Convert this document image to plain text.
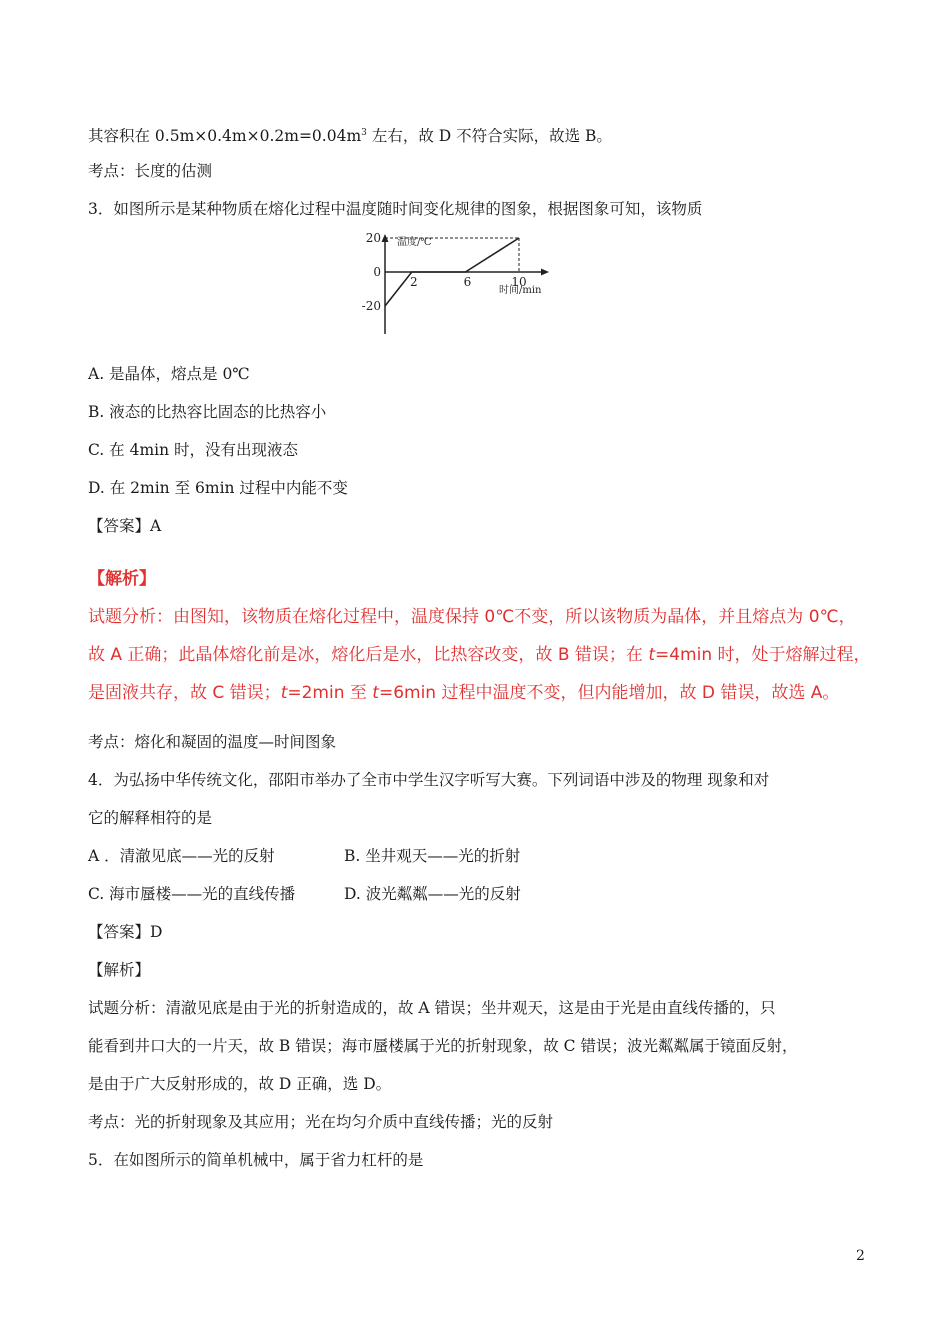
其容积在 $0.5m\times 0.4m\times 0.2m=0.04m^3$ 左右，故 D 不符合实际，故选 B。
考点：长度的估测
3．如图所示是某种物质在熔化过程中温度随时间变化规律的图象，根据图象可知，该物质
温度/℃
时间/min
2	6	10
20
0
-20
A. 是晶体，熔点是 0℃
B. 液态的比热容比固态的比热容小
C. 在 4min 时，没有出现液态
D. 在 2min 至 6min 过程中内能不变
【答案】A
【解析】
试题分析：由图知，该物质在熔化过程中，温度保持 0℃不变，所以该物质为晶体，并且熔点为 0℃，
故 A 正确；此晶体熔化前是冰，熔化后是水，比热容改变，故 B 错误；在 t=4min 时，处于熔解过程，
是固液共存，故 C 错误；t=2min 至 t=6min 过程中温度不变，但内能增加，故 D 错误，故选 A。
考点：熔化和凝固的温度—时间图象
4．为弘扬中华传统文化，邵阳市举办了全市中学生汉字听写大赛。下列词语中涉及的物理 现象和对
它的解释相符的是
A ．清澈见底——光的反射	B. 坐井观天——光的折射
C. 海市蜃楼——光的直线传播	D. 波光粼粼——光的反射
【答案】D
【解析】
试题分析：清澈见底是由于光的折射造成的，故 A 错误；坐井观天，这是由于光是由直线传播的，只
能看到井口大的一片天，故 B 错误；海市蜃楼属于光的折射现象，故 C 错误；波光粼粼属于镜面反射，
是由于广大反射形成的，故 D 正确，选 D。
考点：光的折射现象及其应用；光在均匀介质中直线传播；光的反射
5．在如图所示的简单机械中，属于省力杠杆的是
2
